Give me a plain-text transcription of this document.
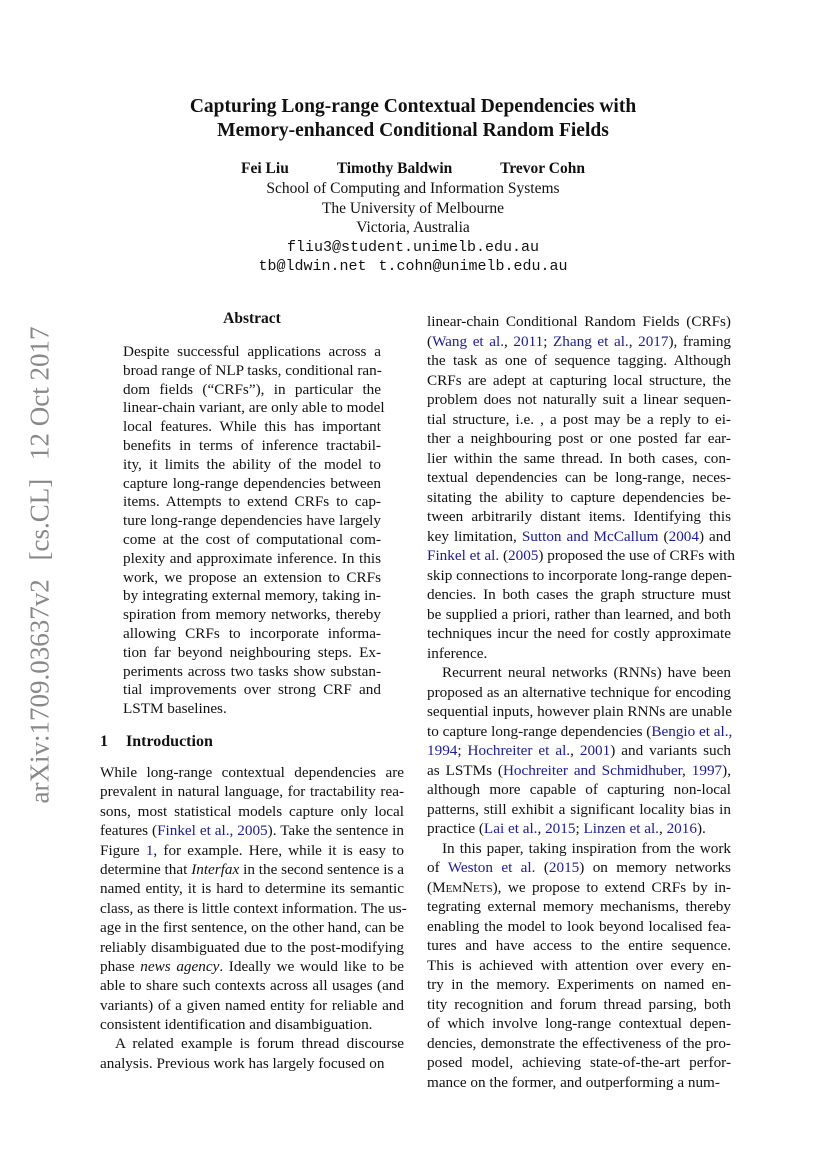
arXiv:1709.03637v2 [cs.CL] 12 Oct 2017
Capturing Long-range Contextual Dependencies with
Memory-enhanced Conditional Random Fields
Fei Liu	Timothy Baldwin	Trevor Cohn
School of Computing and Information Systems
The University of Melbourne
Victoria, Australia
fliu3@student.unimelb.edu.au
tb@ldwin.net t.cohn@unimelb.edu.au
Abstract
Despite successful applications across a
broad range of NLP tasks, conditional ran-
dom fields (“CRFs”), in particular the
linear-chain variant, are only able to model
local features. While this has important
benefits in terms of inference tractabil-
ity, it limits the ability of the model to
capture long-range dependencies between
items. Attempts to extend CRFs to cap-
ture long-range dependencies have largely
come at the cost of computational com-
plexity and approximate inference. In this
work, we propose an extension to CRFs
by integrating external memory, taking in-
spiration from memory networks, thereby
allowing CRFs to incorporate informa-
tion far beyond neighbouring steps. Ex-
periments across two tasks show substan-
tial improvements over strong CRF and
LSTM baselines.
1 Introduction
While long-range contextual dependencies are
prevalent in natural language, for tractability rea-
sons, most statistical models capture only local
features (Finkel et al., 2005). Take the sentence in
Figure 1, for example. Here, while it is easy to
determine that Interfax in the second sentence is a
named entity, it is hard to determine its semantic
class, as there is little context information. The us-
age in the first sentence, on the other hand, can be
reliably disambiguated due to the post-modifying
phase news agency. Ideally we would like to be
able to share such contexts across all usages (and
variants) of a given named entity for reliable and
consistent identification and disambiguation.
A related example is forum thread discourse
analysis. Previous work has largely focused on
linear-chain Conditional Random Fields (CRFs)
(Wang et al., 2011; Zhang et al., 2017), framing
the task as one of sequence tagging. Although
CRFs are adept at capturing local structure, the
problem does not naturally suit a linear sequen-
tial structure, i.e. , a post may be a reply to ei-
ther a neighbouring post or one posted far ear-
lier within the same thread. In both cases, con-
textual dependencies can be long-range, neces-
sitating the ability to capture dependencies be-
tween arbitrarily distant items. Identifying this
key limitation, Sutton and McCallum (2004) and
Finkel et al. (2005) proposed the use of CRFs with
skip connections to incorporate long-range depen-
dencies. In both cases the graph structure must
be supplied a priori, rather than learned, and both
techniques incur the need for costly approximate
inference.
Recurrent neural networks (RNNs) have been
proposed as an alternative technique for encoding
sequential inputs, however plain RNNs are unable
to capture long-range dependencies (Bengio et al.,
1994; Hochreiter et al., 2001) and variants such
as LSTMs (Hochreiter and Schmidhuber, 1997),
although more capable of capturing non-local
patterns, still exhibit a significant locality bias in
practice (Lai et al., 2015; Linzen et al., 2016).
In this paper, taking inspiration from the work
of Weston et al. (2015) on memory networks
(MemNets), we propose to extend CRFs by in-
tegrating external memory mechanisms, thereby
enabling the model to look beyond localised fea-
tures and have access to the entire sequence.
This is achieved with attention over every en-
try in the memory. Experiments on named en-
tity recognition and forum thread parsing, both
of which involve long-range contextual depen-
dencies, demonstrate the effectiveness of the pro-
posed model, achieving state-of-the-art perfor-
mance on the former, and outperforming a num-
